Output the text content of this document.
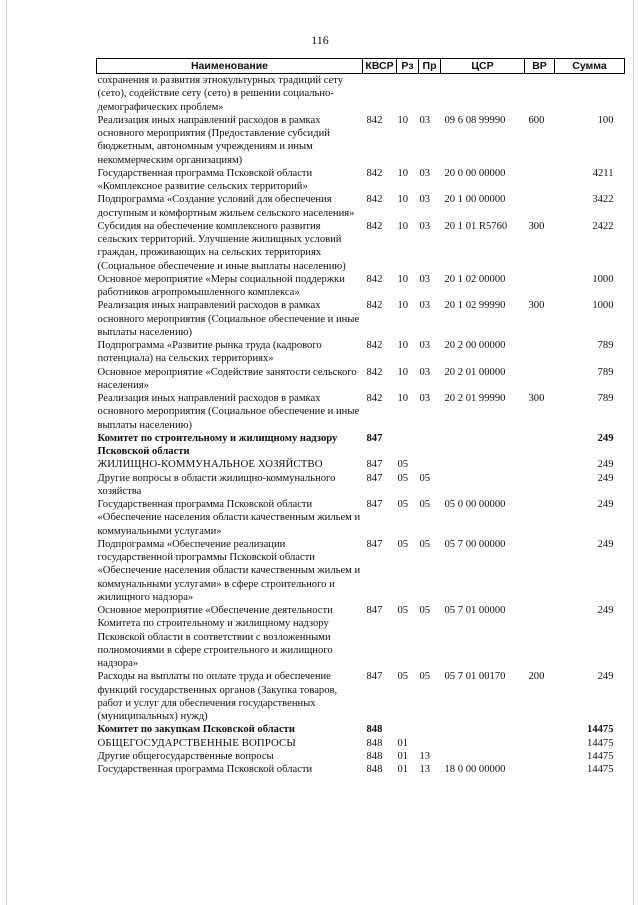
116
Наименование	КВСР	Рз	Пр	ЦСР	ВР	Сумма
сохранения и развития этнокультурных традиций сету (сето), содействие сету (сето) в решении социально-демографических проблем»						
Реализация иных направлений расходов в рамках основного мероприятия (Предоставление субсидий бюджетным, автономным учреждениям и иным некоммерческим организациям)	842	10	03	09 6 08 99990	600	100
Государственная программа Псковской области «Комплексное развитие сельских территорий»	842	10	03	20 0 00 00000		4211
Подпрограмма «Создание условий для обеспечения доступным и комфортным жильем сельского населения»	842	10	03	20 1 00 00000		3422
Субсидия на обеспечение комплексного развития сельских территорий. Улучшение жилищных условий граждан, проживающих на сельских территориях (Социальное обеспечение и иные выплаты населению)	842	10	03	20 1 01 R5760	300	2422
Основное мероприятие «Меры социальной поддержки работников агропромышленного комплекса»	842	10	03	20 1 02 00000		1000
Реализация иных направлений расходов в рамках основного мероприятия (Социальное обеспечение и иные выплаты населению)	842	10	03	20 1 02 99990	300	1000
Подпрограмма «Развитие рынка труда (кадрового потенциала) на сельских территориях»	842	10	03	20 2 00 00000		789
Основное мероприятие «Содействие занятости сельского населения»	842	10	03	20 2 01 00000		789
Реализация иных направлений расходов в рамках основного мероприятия (Социальное обеспечение и иные выплаты населению)	842	10	03	20 2 01 99990	300	789
Комитет по строительному и жилищному надзору Псковской области	847					249
ЖИЛИЩНО-КОММУНАЛЬНОЕ ХОЗЯЙСТВО	847	05				249
Другие вопросы в области жилищно-коммунального хозяйства	847	05	05			249
Государственная программа Псковской области «Обеспечение населения области качественным жильем и коммунальными услугами»	847	05	05	05 0 00 00000		249
Подпрограмма «Обеспечение реализации государственной программы Псковской области «Обеспечение населения области качественным жильем и коммунальными услугами» в сфере строительного и жилищного надзора»	847	05	05	05 7 00 00000		249
Основное мероприятие «Обеспечение деятельности Комитета по строительному и жилищному надзору Псковской области в соответствии с возложенными полномочиями в сфере строительного и жилищного надзора»	847	05	05	05 7 01 00000		249
Расходы на выплаты по оплате труда и обеспечение функций государственных органов (Закупка товаров, работ и услуг для обеспечения государственных (муниципальных) нужд)	847	05	05	05 7 01 00170	200	249
Комитет по закупкам Псковской области	848					14475
ОБЩЕГОСУДАРСТВЕННЫЕ ВОПРОСЫ	848	01				14475
Другие общегосударственные вопросы	848	01	13			14475
Государственная программа Псковской области	848	01	13	18 0 00 00000		14475
